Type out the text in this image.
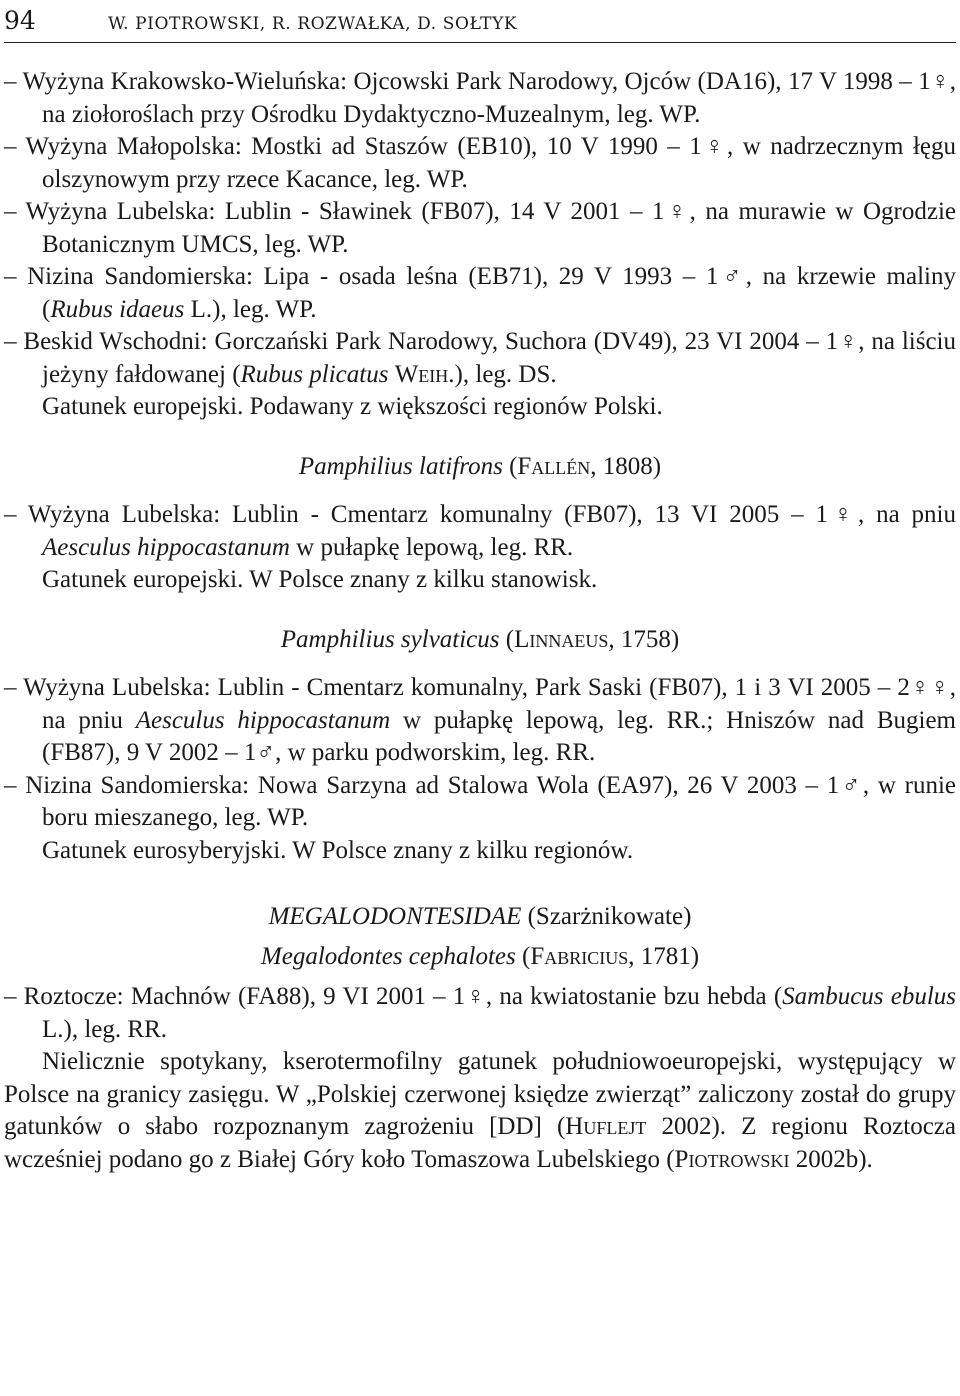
94	W. PIOTROWSKI, R. ROZWAŁKA, D. SOŁTYK

– Wyżyna Krakowsko-Wieluńska: Ojcowski Park Narodowy, Ojców (DA16), 17 V 1998 – 1♀, na ziołoroślach przy Ośrodku Dydaktyczno-Muzealnym, leg. WP.

– Wyżyna Małopolska: Mostki ad Staszów (EB10), 10 V 1990 – 1♀, w nadrzecznym łęgu olszynowym przy rzece Kacance, leg. WP.

– Wyżyna Lubelska: Lublin - Sławinek (FB07), 14 V 2001 – 1♀, na murawie w Ogrodzie Botanicznym UMCS, leg. WP.

– Nizina Sandomierska: Lipa - osada leśna (EB71), 29 V 1993 – 1♂, na krzewie maliny (Rubus idaeus L.), leg. WP.

– Beskid Wschodni: Gorczański Park Narodowy, Suchora (DV49), 23 VI 2004 – 1♀, na liściu jeżyny fałdowanej (Rubus plicatus Weih.), leg. DS.

Gatunek europejski. Podawany z większości regionów Polski.

Pamphilius latifrons (Fallén, 1808)

– Wyżyna Lubelska: Lublin - Cmentarz komunalny (FB07), 13 VI 2005 – 1♀, na pniu Aesculus hippocastanum w pułapkę lepową, leg. RR.

Gatunek europejski. W Polsce znany z kilku stanowisk.

Pamphilius sylvaticus (Linnaeus, 1758)

– Wyżyna Lubelska: Lublin - Cmentarz komunalny, Park Saski (FB07), 1 i 3 VI 2005 – 2♀♀, na pniu Aesculus hippocastanum w pułapkę lepową, leg. RR.; Hniszów nad Bugiem (FB87), 9 V 2002 – 1♂, w parku podworskim, leg. RR.

– Nizina Sandomierska: Nowa Sarzyna ad Stalowa Wola (EA97), 26 V 2003 – 1♂, w runie boru mieszanego, leg. WP.

Gatunek eurosyberyjski. W Polsce znany z kilku regionów.

MEGALODONTESIDAE (Szarżnikowate)

Megalodontes cephalotes (Fabricius, 1781)

– Roztocze: Machnów (FA88), 9 VI 2001 – 1♀, na kwiatostanie bzu hebda (Sambucus ebulus L.), leg. RR.

Nielicznie spotykany, kserotermofilny gatunek południowoeuropejski, występujący w Polsce na granicy zasięgu. W „Polskiej czerwonej księdze zwierząt” zaliczony został do grupy gatunków o słabo rozpoznanym zagrożeniu [DD] (Huflejt 2002). Z regionu Roztocza wcześniej podano go z Białej Góry koło Tomaszowa Lubelskiego (Piotrowski 2002b).
